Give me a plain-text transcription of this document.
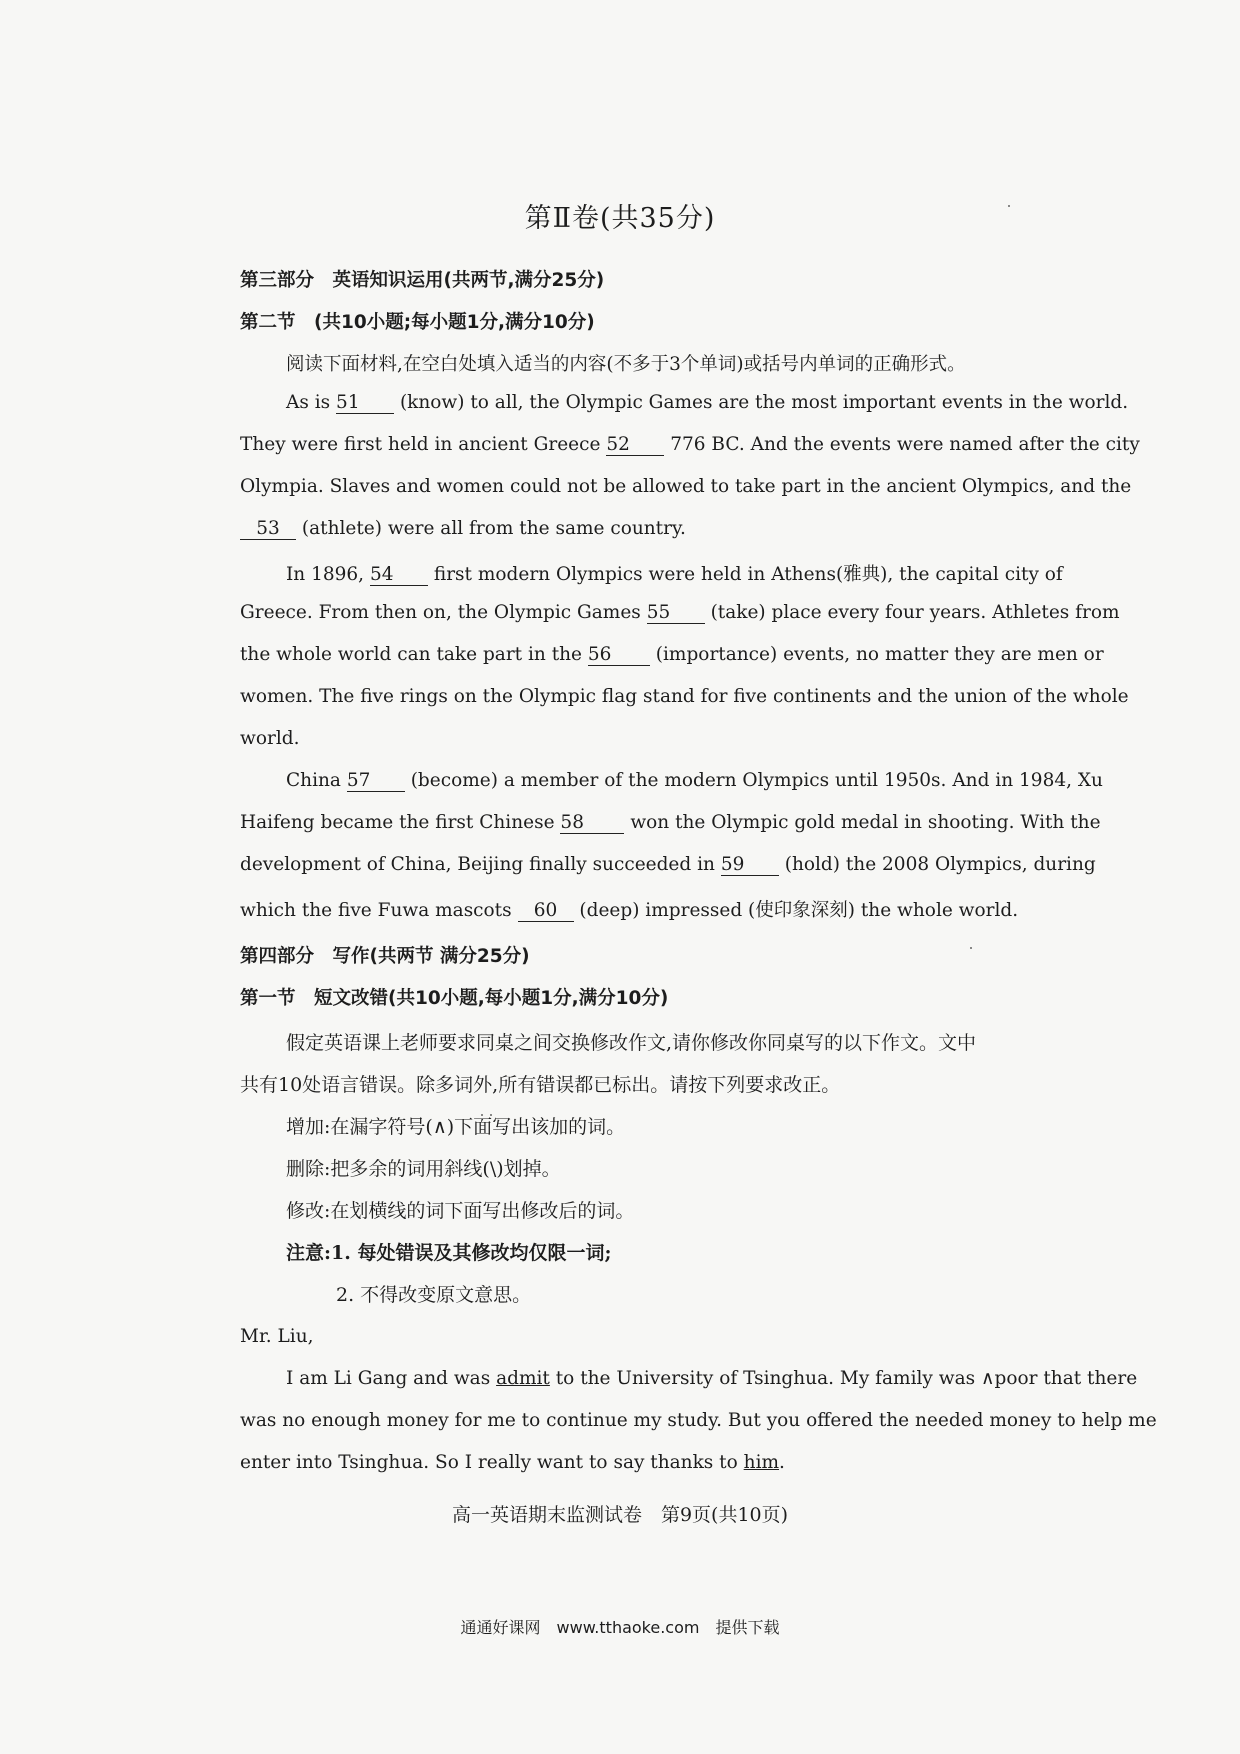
第Ⅱ卷(共35分)
第三部分　英语知识运用(共两节,满分25分)
第二节　(共10小题;每小题1分,满分10分)
阅读下面材料,在空白处填入适当的内容(不多于3个单词)或括号内单词的正确形式。
As is 51 (know) to all, the Olympic Games are the most important events in the world.
They were first held in ancient Greece 52 776 BC. And the events were named after the city
Olympia. Slaves and women could not be allowed to take part in the ancient Olympics, and the
53 (athlete) were all from the same country.
In 1896, 54 first modern Olympics were held in Athens(雅典), the capital city of
Greece. From then on, the Olympic Games 55 (take) place every four years. Athletes from
the whole world can take part in the 56 (importance) events, no matter they are men or
women. The five rings on the Olympic flag stand for five continents and the union of the whole
world.
China 57 (become) a member of the modern Olympics until 1950s. And in 1984, Xu
Haifeng became the first Chinese 58	won the Olympic gold medal in shooting. With the
development of China, Beijing finally succeeded in 59 (hold) the 2008 Olympics, during
which the five Fuwa mascots 60 (deep) impressed (使印象深刻) the whole world.
第四部分　写作(共两节 满分25分)
第一节　短文改错(共10小题,每小题1分,满分10分)
假定英语课上老师要求同桌之间交换修改作文,请你修改你同桌写的以下作文。文中
共有10处语言错误。除多词外,所有错误都已标出。请按下列要求改正。
增加:在漏字符号(∧)下面写出该加的词。
删除:把多余的词用斜线(\)划掉。
修改:在划横线的词下面写出修改后的词。
注意:1. 每处错误及其修改均仅限一词;
2. 不得改变原文意思。
Mr. Liu,
I am Li Gang and was admit to the University of Tsinghua. My family was ∧poor that there
was no enough money for me to continue my study. But you offered the needed money to help me
enter into Tsinghua. So I really want to say thanks to him.
高一英语期末监测试卷　第9页(共10页)
通通好课网　www.tthaoke.com　提供下载
